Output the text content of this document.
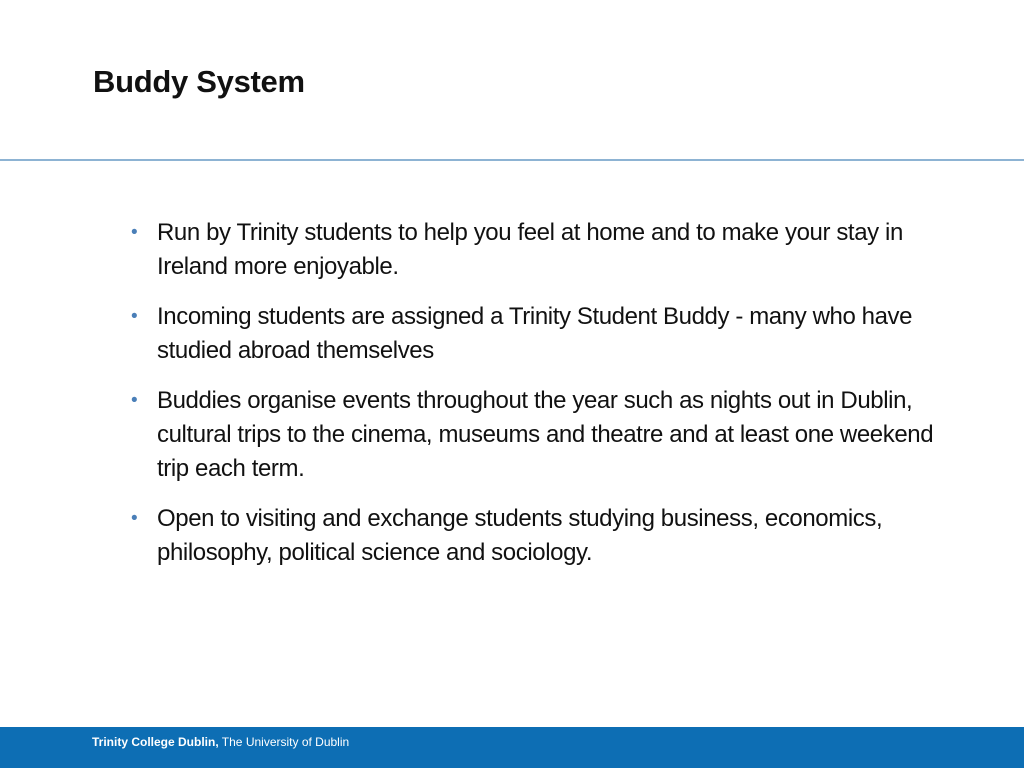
Buddy System
• Run by Trinity students to help you feel at home and to make your stay in Ireland more enjoyable.
• Incoming students are assigned a Trinity Student Buddy - many who have studied abroad themselves
• Buddies organise events throughout the year such as nights out in Dublin, cultural trips to the cinema, museums and theatre and at least one weekend trip each term.
• Open to visiting and exchange students studying business, economics, philosophy, political science and sociology.
Trinity College Dublin, The University of Dublin
